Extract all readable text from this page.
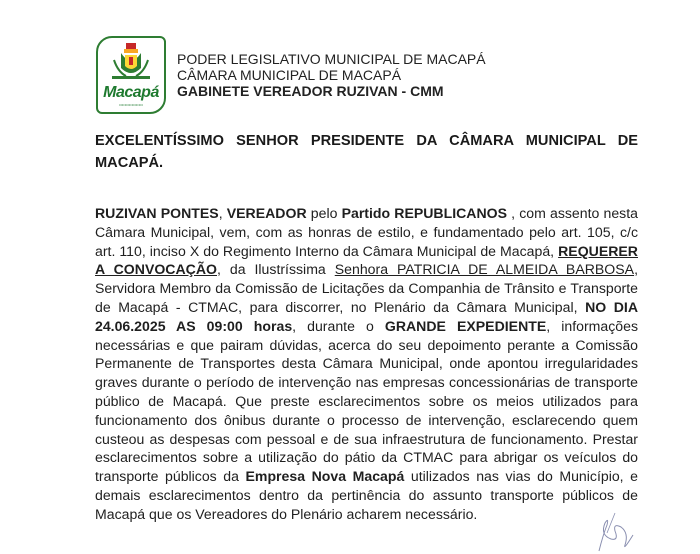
Macapá
•••••••••••••••••
PODER LEGISLATIVO MUNICIPAL DE MACAPÁ
CÂMARA MUNICIPAL DE MACAPÁ
GABINETE VEREADOR RUZIVAN - CMM
EXCELENTÍSSIMO SENHOR PRESIDENTE DA CÂMARA MUNICIPAL DE
MACAPÁ.
RUZIVAN PONTES, VEREADOR pelo Partido REPUBLICANOS , com assento nesta Câmara Municipal, vem, com as honras de estilo, e fundamentado pelo art. 105, c/c art. 110, inciso X do Regimento Interno da Câmara Municipal de Macapá, REQUERER A CONVOCAÇÃO, da Ilustríssima Senhora PATRICIA DE ALMEIDA BARBOSA, Servidora Membro da Comissão de Licitações da Companhia de Trânsito e Transporte de Macapá - CTMAC, para discorrer, no Plenário da Câmara Municipal, NO DIA 24.06.2025 AS 09:00 horas, durante o GRANDE EXPEDIENTE, informações necessárias e que pairam dúvidas, acerca do seu depoimento perante a Comissão Permanente de Transportes desta Câmara Municipal, onde apontou irregularidades graves durante o período de intervenção nas empresas concessionárias de transporte público de Macapá. Que preste esclarecimentos sobre os meios utilizados para funcionamento dos ônibus durante o processo de intervenção, esclarecendo quem custeou as despesas com pessoal e de sua infraestrutura de funcionamento. Prestar esclarecimentos sobre a utilização do pátio da CTMAC para abrigar os veículos do transporte públicos da Empresa Nova Macapá utilizados nas vias do Município, e demais esclarecimentos dentro da pertinência do assunto transporte públicos de Macapá que os Vereadores do Plenário acharem necessário.
